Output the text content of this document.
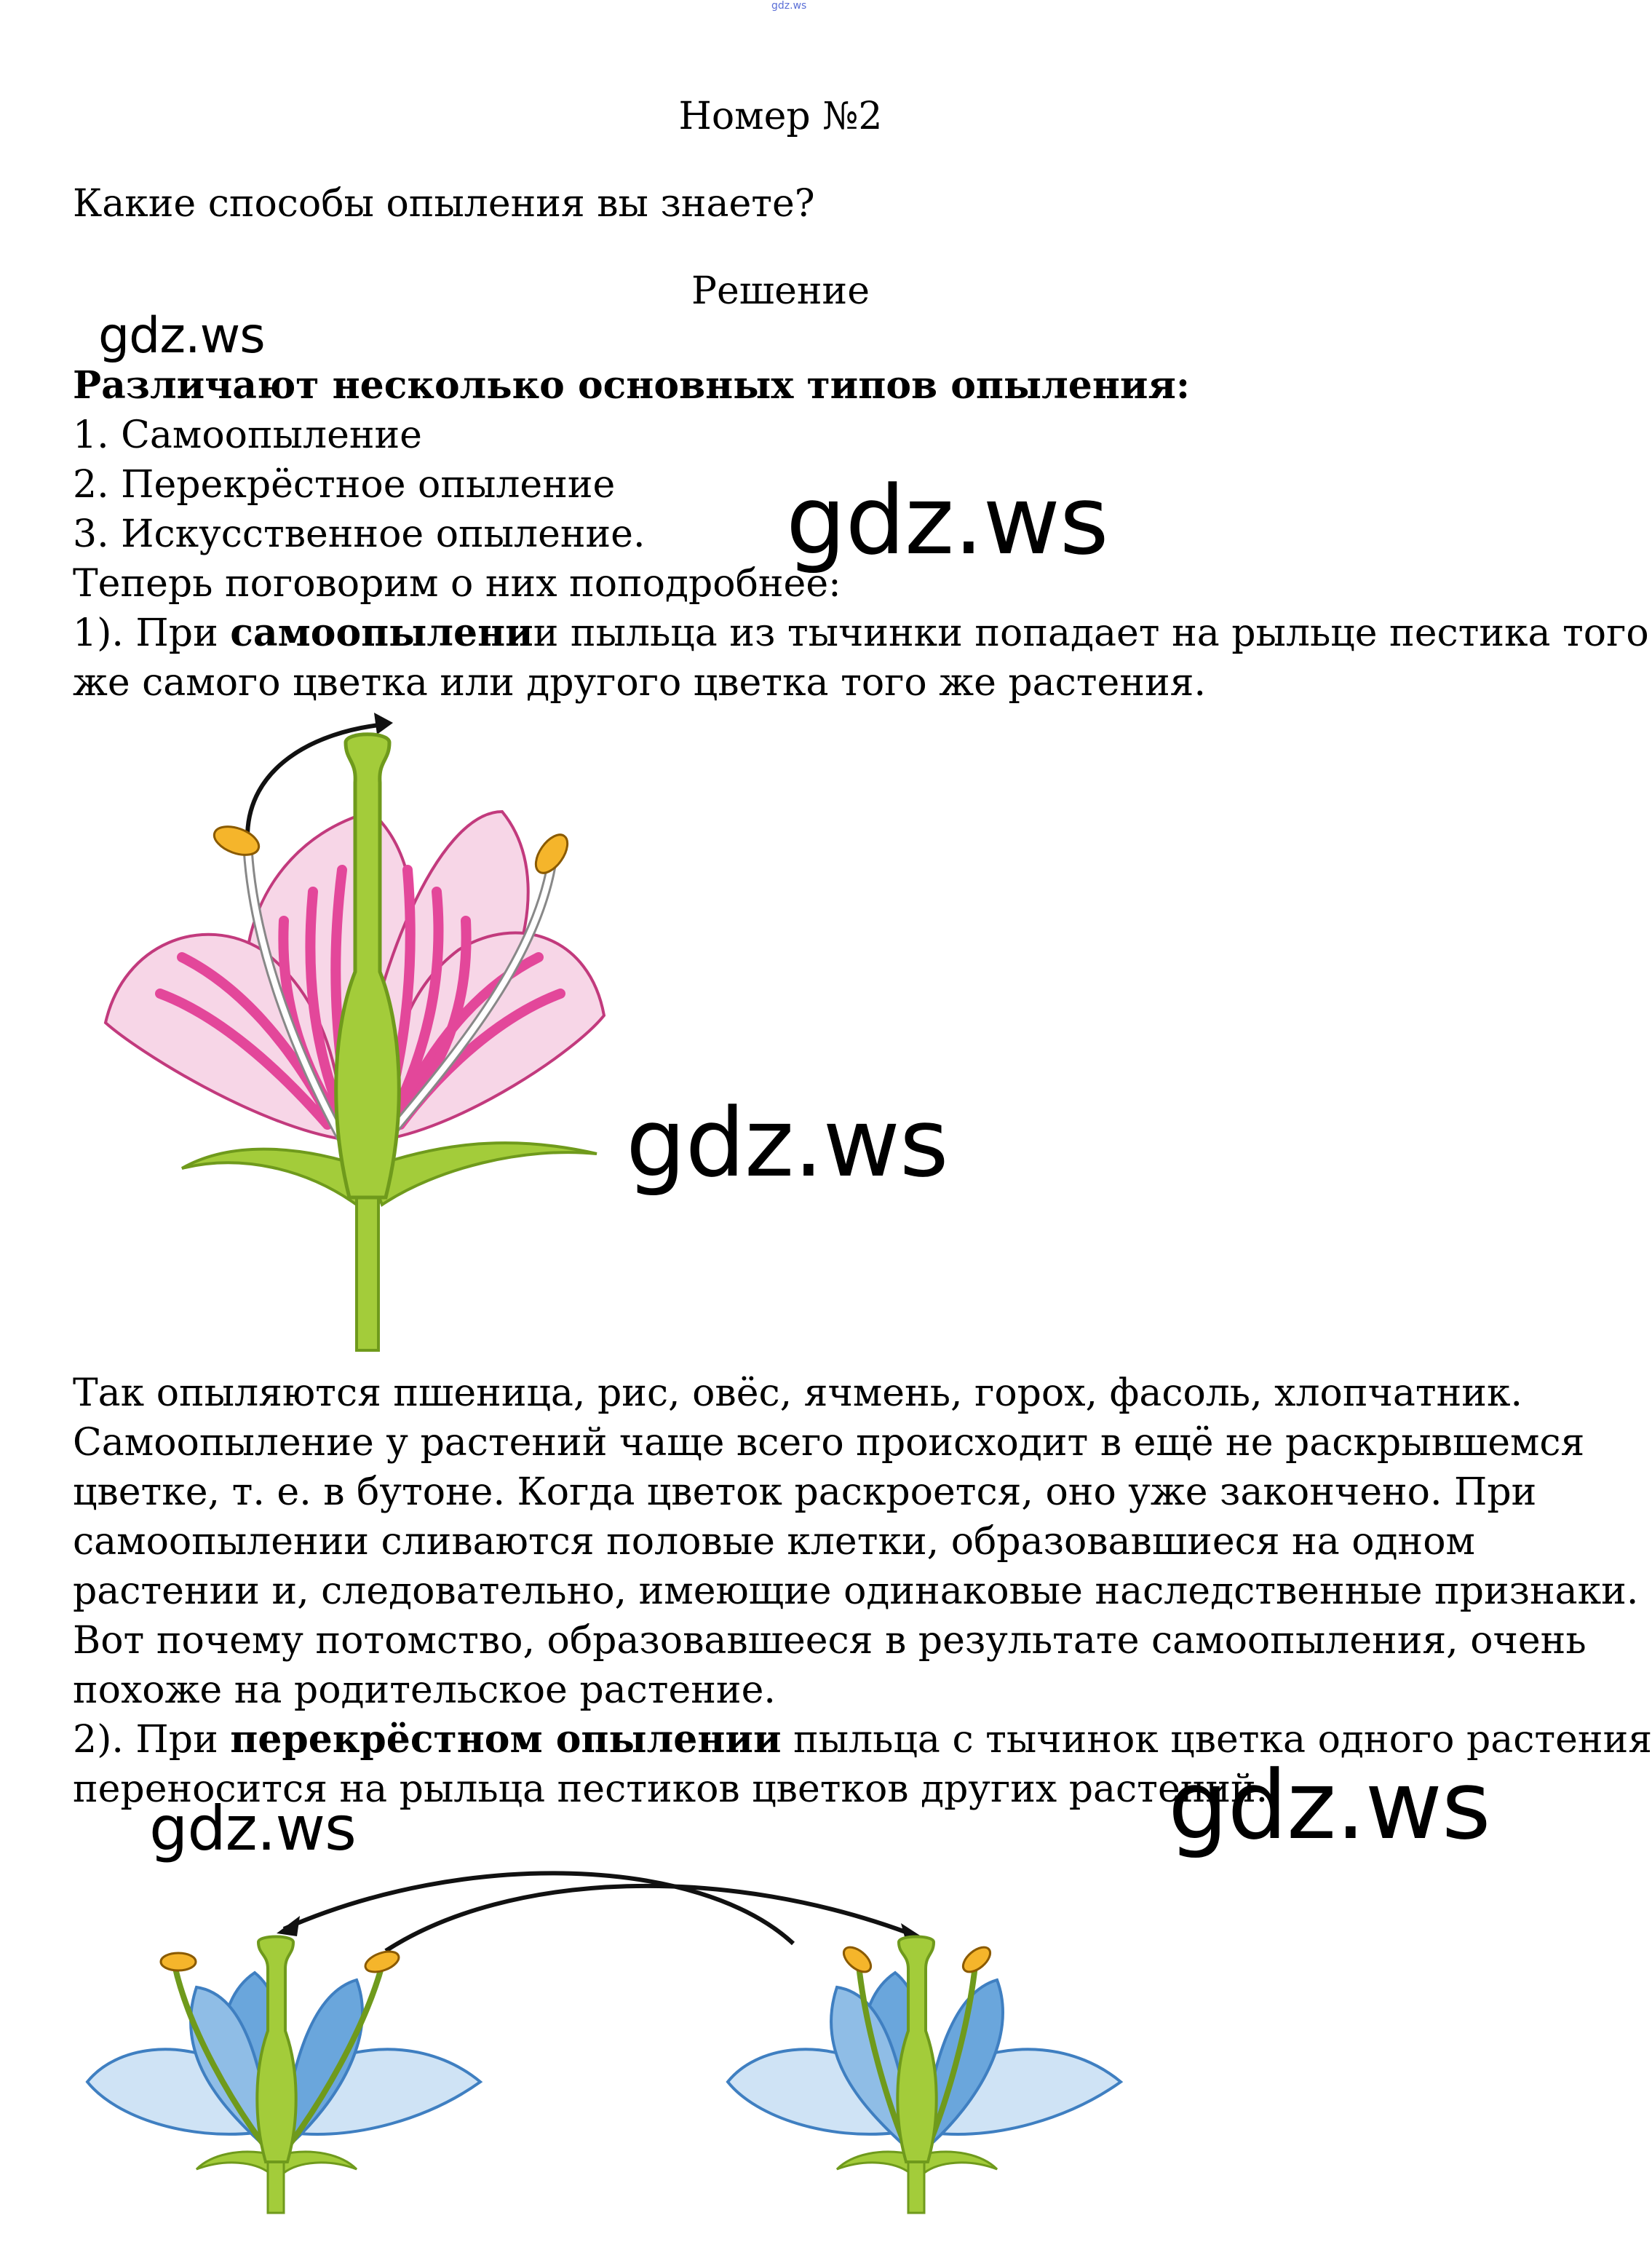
gdz.ws
Номер №2
Какие способы опыления вы знаете?
Решение

Различают несколько основных типов опыления:

1. Самоопыление

2. Перекрёстное опыление

3. Искусственное опыление.

Теперь поговорим о них поподробнее:

1). При самоопылении пыльца из тычинки попадает на рыльце пестика того

же самого цветка или другого цветка того же растения.

Так опыляются пшеница, рис, овёс, ячмень, горох, фасоль, хлопчатник.

Самоопыление у растений чаще всего происходит в ещё не раскрывшемся

цветке, т. е. в бутоне. Когда цветок раскроется, оно уже закончено. При

самоопылении сливаются половые клетки, образовавшиеся на одном

растении и, следовательно, имеющие одинаковые наследственные признаки.

Вот почему потомство, образовавшееся в результате самоопыления, очень

похоже на родительское растение.

2). При перекрёстном опылении пыльца с тычинок цветка одного растения

переносится на рыльца пестиков цветков других растений.

gdz.ws
gdz.ws
gdz.ws
gdz.ws
gdz.ws
